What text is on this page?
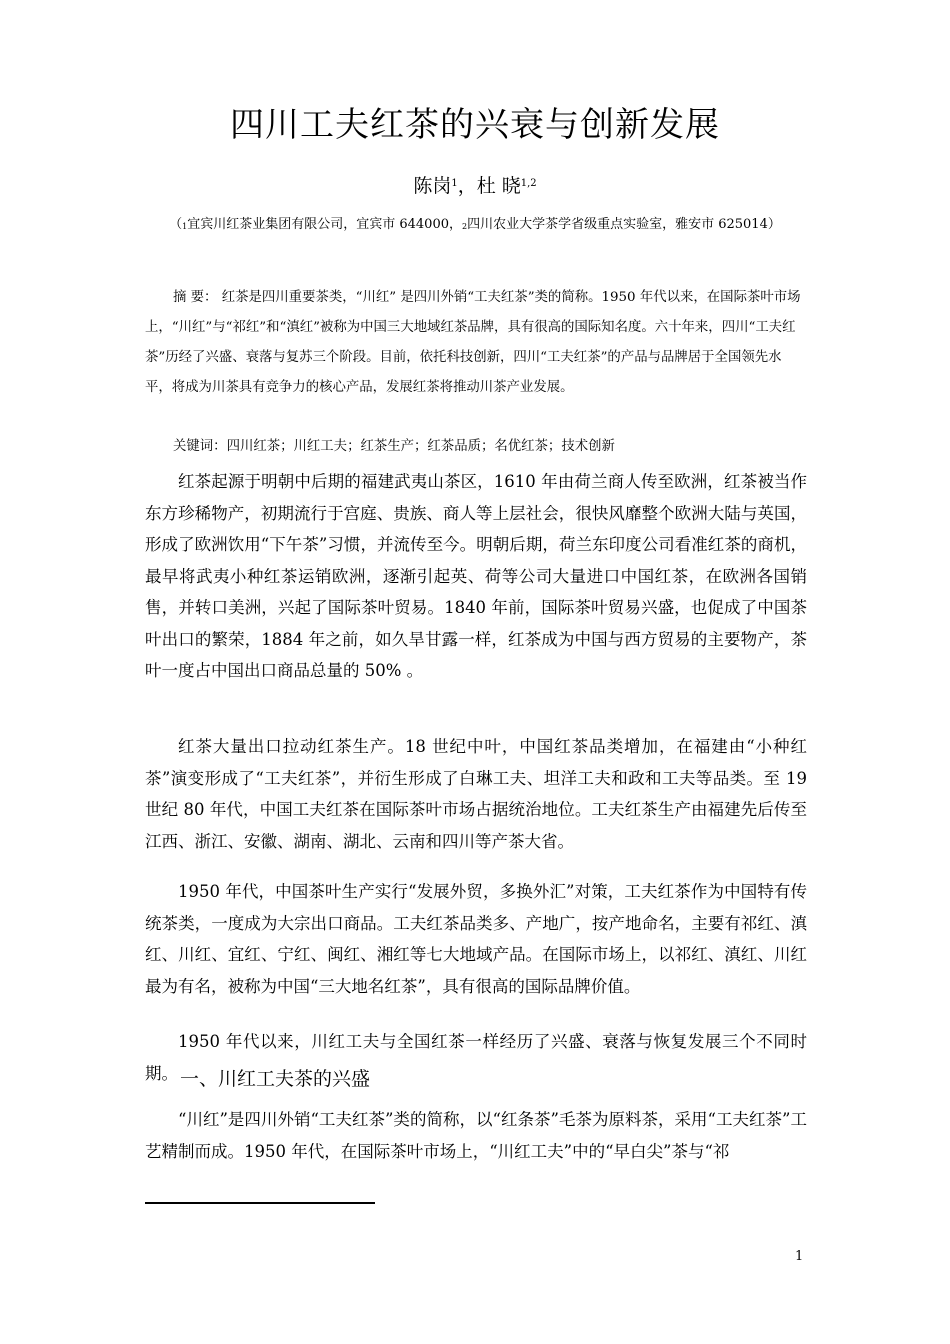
四川工夫红茶的兴衰与创新发展
陈岗$^1$，杜 晓$^{1,2}$
（$_1$宜宾川红茶业集团有限公司，宜宾市 644000，$_2$四川农业大学茶学省级重点实验室，雅安市 625014）

摘 要： 红茶是四川重要茶类，“川红” 是四川外销“工夫红茶”类的简称。1950 年代以来，在国际茶叶市场上，“川红”与“祁红”和“滇红”被称为中国三大地域红茶品牌，具有很高的国际知名度。六十年来，四川“工夫红茶”历经了兴盛、衰落与复苏三个阶段。目前，依托科技创新，四川“工夫红茶”的产品与品牌居于全国领先水平，将成为川茶具有竞争力的核心产品，发展红茶将推动川茶产业发展。

关键词：四川红茶；川红工夫；红茶生产；红茶品质；名优红茶；技术创新

红茶起源于明朝中后期的福建武夷山茶区，1610 年由荷兰商人传至欧洲，红茶被当作东方珍稀物产，初期流行于宫庭、贵族、商人等上层社会，很快风靡整个欧洲大陆与英国，形成了欧洲饮用“下午茶”习惯，并流传至今。明朝后期，荷兰东印度公司看准红茶的商机，最早将武夷小种红茶运销欧洲，逐渐引起英、荷等公司大量进口中国红茶，在欧洲各国销售，并转口美洲，兴起了国际茶叶贸易。1840 年前，国际茶叶贸易兴盛，也促成了中国茶叶出口的繁荣，1884 年之前，如久旱甘露一样，红茶成为中国与西方贸易的主要物产，茶叶一度占中国出口商品总量的 50% 。

红茶大量出口拉动红茶生产。18 世纪中叶，中国红茶品类增加，在福建由“小种红茶”演变形成了“工夫红茶”，并衍生形成了白琳工夫、坦洋工夫和政和工夫等品类。至 19 世纪 80 年代，中国工夫红茶在国际茶叶市场占据统治地位。工夫红茶生产由福建先后传至江西、浙江、安徽、湖南、湖北、云南和四川等产茶大省。

1950 年代，中国茶叶生产实行“发展外贸，多换外汇”对策，工夫红茶作为中国特有传统茶类，一度成为大宗出口商品。工夫红茶品类多、产地广，按产地命名，主要有祁红、滇红、川红、宜红、宁红、闽红、湘红等七大地域产品。在国际市场上，以祁红、滇红、川红最为有名，被称为中国“三大地名红茶”，具有很高的国际品牌价值。

1950 年代以来，川红工夫与全国红茶一样经历了兴盛、衰落与恢复发展三个不同时期。 一、川红工夫茶的兴盛

“川红”是四川外销“工夫红茶”类的简称，以“红条茶”毛茶为原料茶，采用“工夫红茶”工艺精制而成。1950 年代，在国际茶叶市场上，“川红工夫”中的“早白尖”茶与“祁

1
